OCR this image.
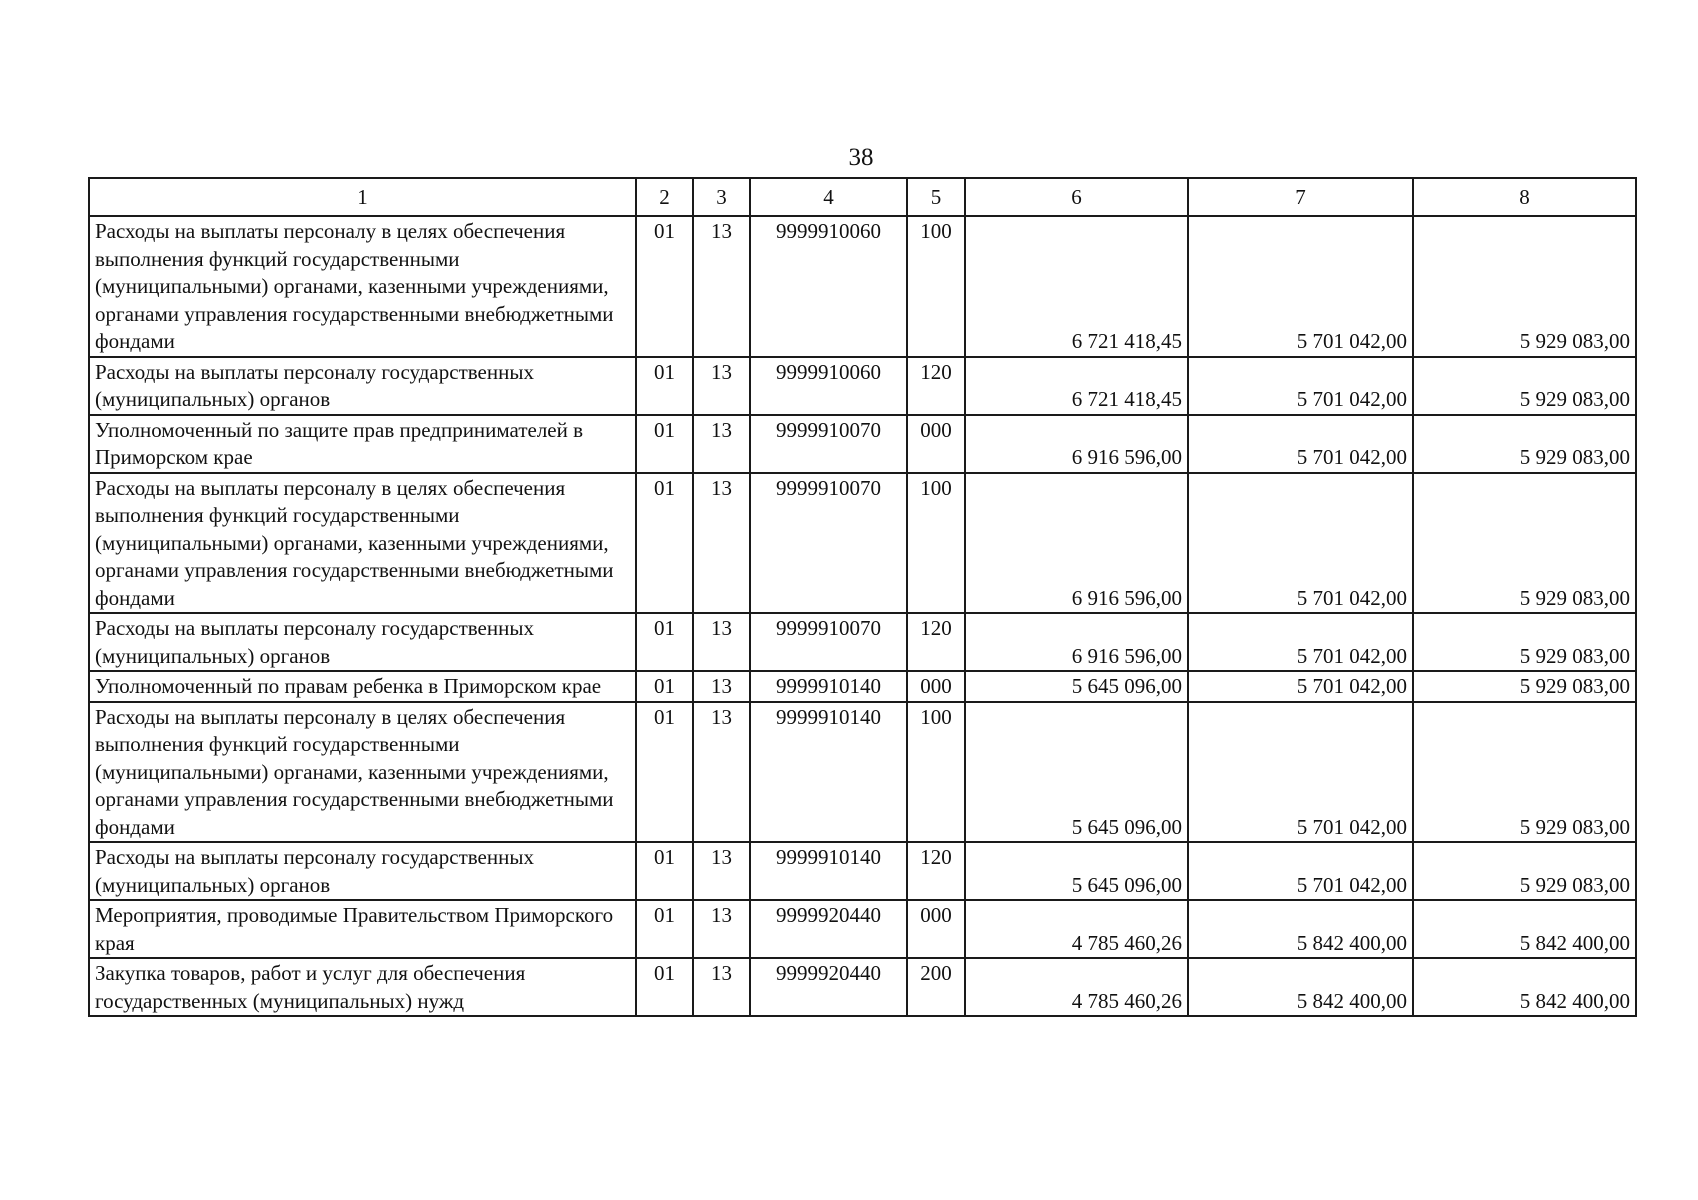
38
1	2	3	4	5	6	7	8
Расходы на выплаты персоналу в целях обеспечения выполнения функций государственными (муниципальными) органами, казенными учреждениями, органами управления государственными внебюджетными фондами	01	13	9999910060	100	6 721 418,45	5 701 042,00	5 929 083,00
Расходы на выплаты персоналу государственных (муниципальных) органов	01	13	9999910060	120	6 721 418,45	5 701 042,00	5 929 083,00
Уполномоченный по защите прав предпринимателей в Приморском крае	01	13	9999910070	000	6 916 596,00	5 701 042,00	5 929 083,00
Расходы на выплаты персоналу в целях обеспечения выполнения функций государственными (муниципальными) органами, казенными учреждениями, органами управления государственными внебюджетными фондами	01	13	9999910070	100	6 916 596,00	5 701 042,00	5 929 083,00
Расходы на выплаты персоналу государственных (муниципальных) органов	01	13	9999910070	120	6 916 596,00	5 701 042,00	5 929 083,00
Уполномоченный по правам ребенка в Приморском крае	01	13	9999910140	000	5 645 096,00	5 701 042,00	5 929 083,00
Расходы на выплаты персоналу в целях обеспечения выполнения функций государственными (муниципальными) органами, казенными учреждениями, органами управления государственными внебюджетными фондами	01	13	9999910140	100	5 645 096,00	5 701 042,00	5 929 083,00
Расходы на выплаты персоналу государственных (муниципальных) органов	01	13	9999910140	120	5 645 096,00	5 701 042,00	5 929 083,00
Мероприятия, проводимые Правительством Приморского края	01	13	9999920440	000	4 785 460,26	5 842 400,00	5 842 400,00
Закупка товаров, работ и услуг для обеспечения государственных (муниципальных) нужд	01	13	9999920440	200	4 785 460,26	5 842 400,00	5 842 400,00
